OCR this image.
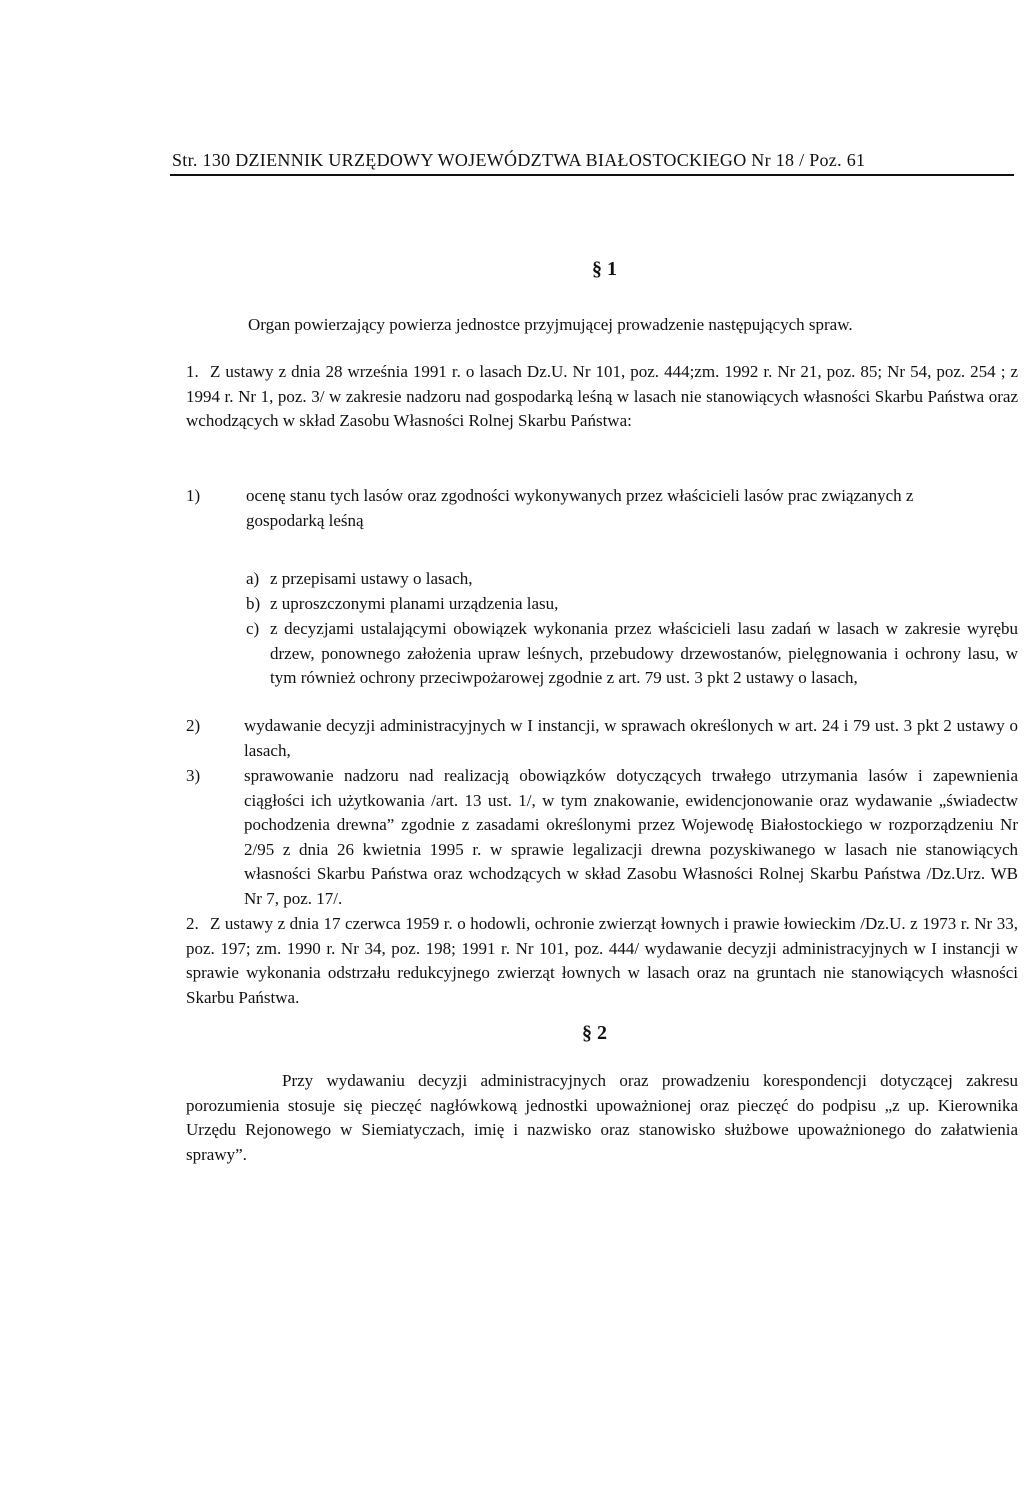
Str. 130 DZIENNIK URZĘDOWY WOJEWÓDZTWA BIAŁOSTOCKIEGO Nr 18 / Poz. 61
§ 1

Organ powierzający powierza jednostce przyjmującej prowadzenie następujących spraw.

1. Z ustawy z dnia 28 września 1991 r. o lasach Dz.U. Nr 101, poz. 444;zm. 1992 r. Nr 21, poz. 85; Nr 54, poz. 254 ; z 1994 r. Nr 1, poz. 3/ w zakresie nadzoru nad gospodarką leśną w lasach nie stanowiących własności Skarbu Państwa oraz wchodzących w skład Zasobu Własności Rolnej Skarbu Państwa:

1)	ocenę stanu tych lasów oraz zgodności wykonywanych przez właścicieli lasów prac związanych z gospodarką leśną

a) z przepisami ustawy o lasach,

b) z uproszczonymi planami urządzenia lasu,

c) z decyzjami ustalającymi obowiązek wykonania przez właścicieli lasu zadań w lasach w zakresie wyrębu drzew, ponownego założenia upraw leśnych, przebudowy drzewostanów, pielęgnowania i ochrony lasu, w tym również ochrony przeciwpożarowej zgodnie z art. 79 ust. 3 pkt 2 ustawy o lasach,

2)	wydawanie decyzji administracyjnych w I instancji, w sprawach określonych w art. 24 i 79 ust. 3 pkt 2 ustawy o lasach,

3)	sprawowanie nadzoru nad realizacją obowiązków dotyczących trwałego utrzymania lasów i zapewnienia ciągłości ich użytkowania /art. 13 ust. 1/, w tym znakowanie, ewidencjonowanie oraz wydawanie „świadectw pochodzenia drewna” zgodnie z zasadami określonymi przez Wojewodę Białostockiego w rozporządzeniu Nr 2/95 z dnia 26 kwietnia 1995 r. w sprawie legalizacji drewna pozyskiwanego w lasach nie stanowiących własności Skarbu Państwa oraz wchodzących w skład Zasobu Własności Rolnej Skarbu Państwa /Dz.Urz. WB Nr 7, poz. 17/.

2. Z ustawy z dnia 17 czerwca 1959 r. o hodowli, ochronie zwierząt łownych i prawie łowieckim /Dz.U. z 1973 r. Nr 33, poz. 197; zm. 1990 r. Nr 34, poz. 198; 1991 r. Nr 101, poz. 444/ wydawanie decyzji administracyjnych w I instancji w sprawie wykonania odstrzału redukcyjnego zwierząt łownych w lasach oraz na gruntach nie stanowiących własności Skarbu Państwa.

§ 2

Przy wydawaniu decyzji administracyjnych oraz prowadzeniu korespondencji dotyczącej zakresu porozumienia stosuje się pieczęć nagłówkową jednostki upoważnionej oraz pieczęć do podpisu „z up. Kierownika Urzędu Rejonowego w Siemiatyczach, imię i nazwisko oraz stanowisko służbowe upoważnionego do załatwienia sprawy”.
